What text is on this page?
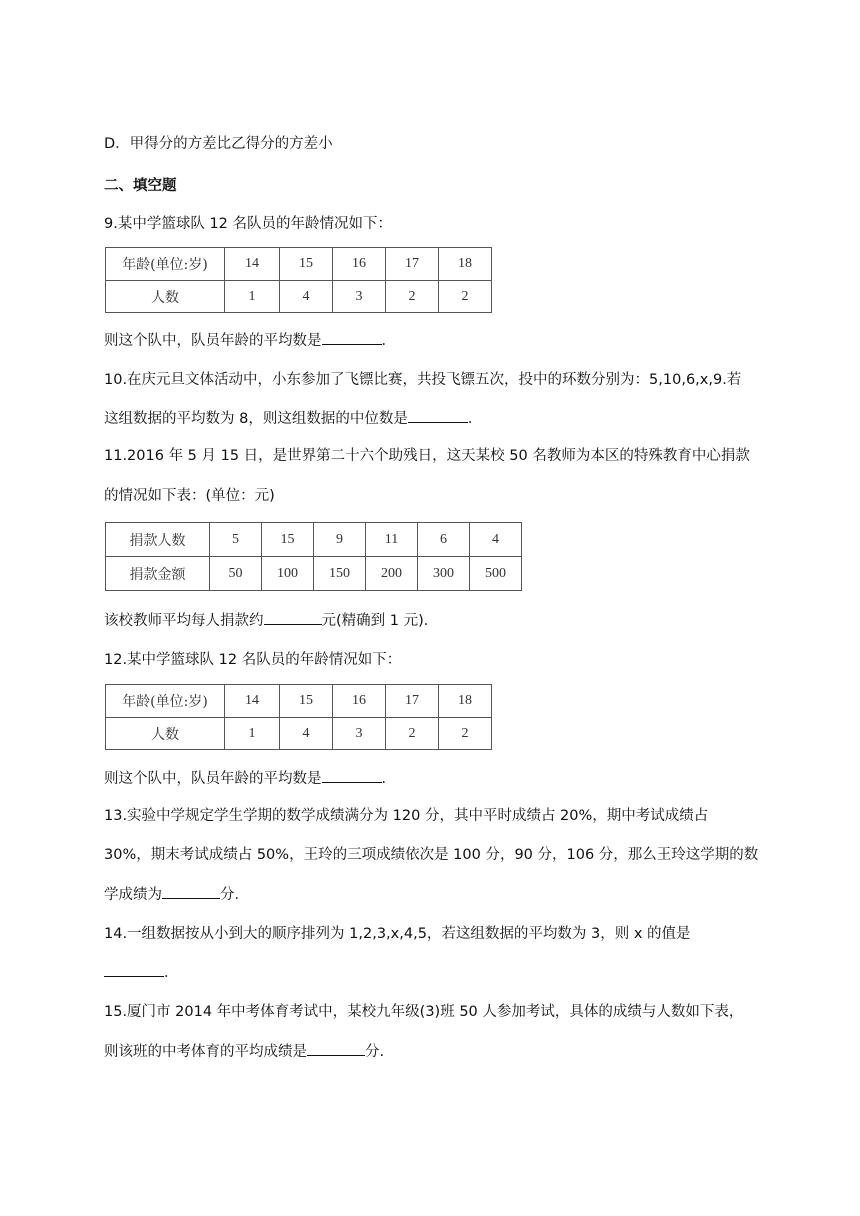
D．甲得分的方差比乙得分的方差小
二、填空题
9.某中学篮球队 12 名队员的年龄情况如下：
年龄(单位:岁)	14	15	16	17	18
人数	1	4	3	2	2
则这个队中，队员年龄的平均数是	．
10.在庆元旦文体活动中，小东参加了飞镖比赛，共投飞镖五次，投中的环数分别为：5,10,6,x,9.若
这组数据的平均数为 8，则这组数据的中位数是	．
11.2016 年 5 月 15 日，是世界第二十六个助残日，这天某校 50 名教师为本区的特殊教育中心捐款
的情况如下表：(单位：元)
捐款人数	5	15	9	11	6	4
捐款金额	50	100	150	200	300	500
该校教师平均每人捐款约	元(精确到 1 元)．
12.某中学篮球队 12 名队员的年龄情况如下：
年龄(单位:岁)	14	15	16	17	18
人数	1	4	3	2	2
则这个队中，队员年龄的平均数是	．
13.实验中学规定学生学期的数学成绩满分为 120 分，其中平时成绩占 20%，期中考试成绩占
30%，期末考试成绩占 50%，王玲的三项成绩依次是 100 分，90 分，106 分，那么王玲这学期的数
学成绩为	分．
14.一组数据按从小到大的顺序排列为 1,2,3,x,4,5，若这组数据的平均数为 3，则 x 的值是
．
15.厦门市 2014 年中考体育考试中，某校九年级(3)班 50 人参加考试，具体的成绩与人数如下表，
则该班的中考体育的平均成绩是	分.
